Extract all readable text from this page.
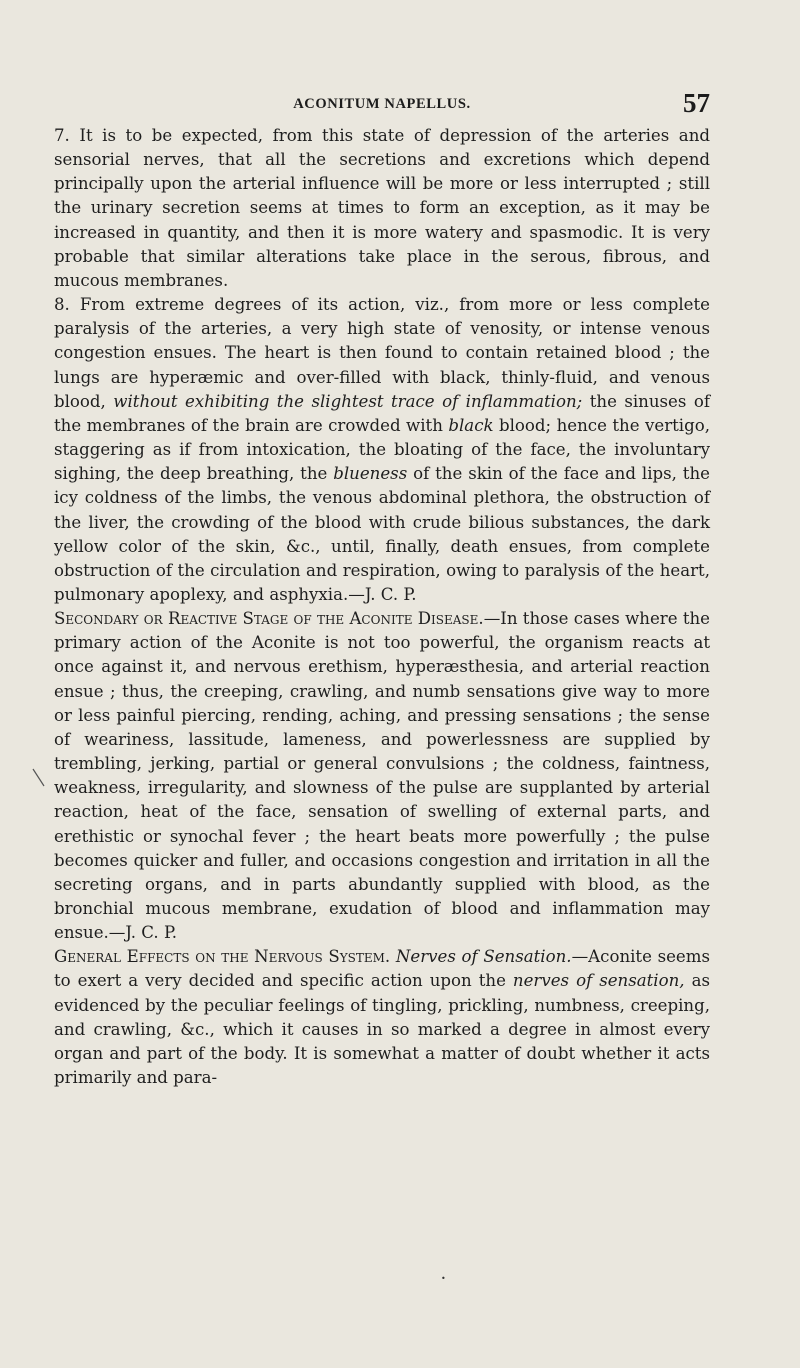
ACONITUM NAPELLUS.	57

7. It is to be expected, from this state of depression of the arteries and sensorial nerves, that all the secretions and excretions which depend principally upon the arterial influence will be more or less interrupted ; still the urinary secretion seems at times to form an exception, as it may be increased in quantity, and then it is more watery and spasmodic. It is very probable that similar alterations take place in the serous, fibrous, and mucous membranes.

8. From extreme degrees of its action, viz., from more or less complete paralysis of the arteries, a very high state of venosity, or intense venous congestion ensues. The heart is then found to contain retained blood ; the lungs are hyperæmic and over-filled with black, thinly-fluid, and venous blood, without exhibiting the slightest trace of inflammation; the sinuses of the membranes of the brain are crowded with black blood; hence the vertigo, staggering as if from intoxication, the bloating of the face, the involuntary sighing, the deep breathing, the blueness of the skin of the face and lips, the icy coldness of the limbs, the venous abdominal plethora, the obstruction of the liver, the crowding of the blood with crude bilious substances, the dark yellow color of the skin, &c., until, finally, death ensues, from complete obstruction of the circulation and respiration, owing to paralysis of the heart, pulmonary apoplexy, and asphyxia.—J. C. P.

Secondary or Reactive Stage of the Aconite Disease.—In those cases where the primary action of the Aconite is not too powerful, the organism reacts at once against it, and nervous erethism, hyperæsthesia, and arterial reaction ensue ; thus, the creeping, crawling, and numb sensations give way to more or less painful piercing, rending, aching, and pressing sensations ; the sense of weariness, lassitude, lameness, and powerlessness are supplied by trembling, jerking, partial or general convulsions ; the coldness, faintness, weakness, irregularity, and slowness of the pulse are supplanted by arterial reaction, heat of the face, sensation of swelling of external parts, and erethistic or synochal fever ; the heart beats more powerfully ; the pulse becomes quicker and fuller, and occasions congestion and irritation in all the secreting organs, and in parts abundantly supplied with blood, as the bronchial mucous membrane, exudation of blood and inflammation may ensue.—J. C. P.

General Effects on the Nervous System. Nerves of Sensation.—Aconite seems to exert a very decided and specific action upon the nerves of sensation, as evidenced by the peculiar feelings of tingling, prickling, numbness, creeping, and crawling, &c., which it causes in so marked a degree in almost every organ and part of the body. It is somewhat a matter of doubt whether it acts primarily and para-

•
